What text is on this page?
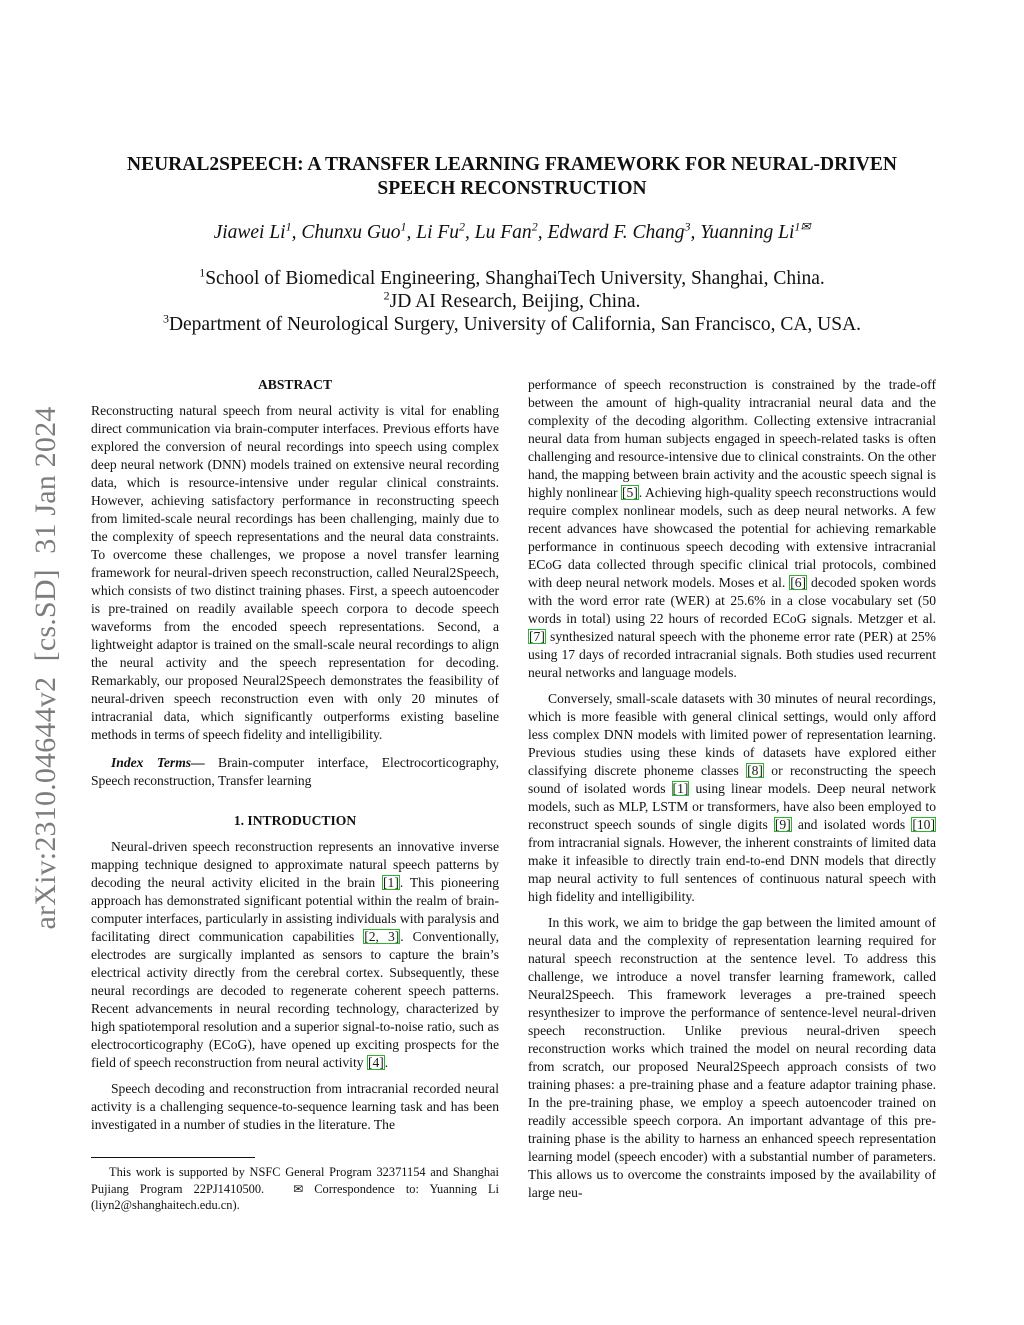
arXiv:2310.04644v2  [cs.SD]  31 Jan 2024
NEURAL2SPEECH: A TRANSFER LEARNING FRAMEWORK FOR NEURAL-DRIVEN
SPEECH RECONSTRUCTION
Jiawei Li$^1$, Chunxu Guo$^1$, Li Fu$^2$, Lu Fan$^2$, Edward F. Chang$^3$, Yuanning $Li^{1✉}$
$^1$School of Biomedical Engineering, ShanghaiTech University, Shanghai, China.
$^2$JD AI Research, Beijing, China.
$^3$Department of Neurological Surgery, University of California, San Francisco, CA, USA.
ABSTRACT

Reconstructing natural speech from neural activity is vital for enabling direct communication via brain-computer interfaces. Previous efforts have explored the conversion of neural recordings into speech using complex deep neural network (DNN) models trained on extensive neural recording data, which is resource-intensive under regular clinical constraints. However, achieving satisfactory performance in reconstructing speech from limited-scale neural recordings has been challenging, mainly due to the complexity of speech representations and the neural data constraints. To overcome these challenges, we propose a novel transfer learning framework for neural-driven speech reconstruction, called Neural2Speech, which consists of two distinct training phases. First, a speech autoencoder is pre-trained on readily available speech corpora to decode speech waveforms from the encoded speech representations. Second, a lightweight adaptor is trained on the small-scale neural recordings to align the neural activity and the speech representation for decoding. Remarkably, our proposed Neural2Speech demonstrates the feasibility of neural-driven speech reconstruction even with only 20 minutes of intracranial data, which significantly outperforms existing baseline methods in terms of speech fidelity and intelligibility.

Index Terms— Brain-computer interface, Electrocorticography, Speech reconstruction, Transfer learning

1. INTRODUCTION

Neural-driven speech reconstruction represents an innovative inverse mapping technique designed to approximate natural speech patterns by decoding the neural activity elicited in the brain [1]. This pioneering approach has demonstrated significant potential within the realm of brain-computer interfaces, particularly in assisting individuals with paralysis and facilitating direct communication capabilities [2, 3]. Conventionally, electrodes are surgically implanted as sensors to capture the brain’s electrical activity directly from the cerebral cortex. Subsequently, these neural recordings are decoded to regenerate coherent speech patterns. Recent advancements in neural recording technology, characterized by high spatiotemporal resolution and a superior signal-to-noise ratio, such as electrocorticography (ECoG), have opened up exciting prospects for the field of speech reconstruction from neural activity [4].

Speech decoding and reconstruction from intracranial recorded neural activity is a challenging sequence-to-sequence learning task and has been investigated in a number of studies in the literature. The

performance of speech reconstruction is constrained by the trade-off between the amount of high-quality intracranial neural data and the complexity of the decoding algorithm. Collecting extensive intracranial neural data from human subjects engaged in speech-related tasks is often challenging and resource-intensive due to clinical constraints. On the other hand, the mapping between brain activity and the acoustic speech signal is highly nonlinear [5]. Achieving high-quality speech reconstructions would require complex nonlinear models, such as deep neural networks. A few recent advances have showcased the potential for achieving remarkable performance in continuous speech decoding with extensive intracranial ECoG data collected through specific clinical trial protocols, combined with deep neural network models. Moses et al. [6] decoded spoken words with the word error rate (WER) at 25.6% in a close vocabulary set (50 words in total) using 22 hours of recorded ECoG signals. Metzger et al. [7] synthesized natural speech with the phoneme error rate (PER) at 25% using 17 days of recorded intracranial signals. Both studies used recurrent neural networks and language models.

Conversely, small-scale datasets with 30 minutes of neural recordings, which is more feasible with general clinical settings, would only afford less complex DNN models with limited power of representation learning. Previous studies using these kinds of datasets have explored either classifying discrete phoneme classes [8] or reconstructing the speech sound of isolated words [1] using linear models. Deep neural network models, such as MLP, LSTM or transformers, have also been employed to reconstruct speech sounds of single digits [9] and isolated words [10] from intracranial signals. However, the inherent constraints of limited data make it infeasible to directly train end-to-end DNN models that directly map neural activity to full sentences of continuous natural speech with high fidelity and intelligibility.

In this work, we aim to bridge the gap between the limited amount of neural data and the complexity of representation learning required for natural speech reconstruction at the sentence level. To address this challenge, we introduce a novel transfer learning framework, called Neural2Speech. This framework leverages a pre-trained speech resynthesizer to improve the performance of sentence-level neural-driven speech reconstruction. Unlike previous neural-driven speech reconstruction works which trained the model on neural recording data from scratch, our proposed Neural2Speech approach consists of two training phases: a pre-training phase and a feature adaptor training phase. In the pre-training phase, we employ a speech autoencoder trained on readily accessible speech corpora. An important advantage of this pre-training phase is the ability to harness an enhanced speech representation learning model (speech encoder) with a substantial number of parameters. This allows us to overcome the constraints imposed by the availability of large neu-

This work is supported by NSFC General Program 32371154 and Shanghai Pujiang Program 22PJ1410500. ✉ Correspondence to: Yuanning Li (liyn2@shanghaitech.edu.cn).
